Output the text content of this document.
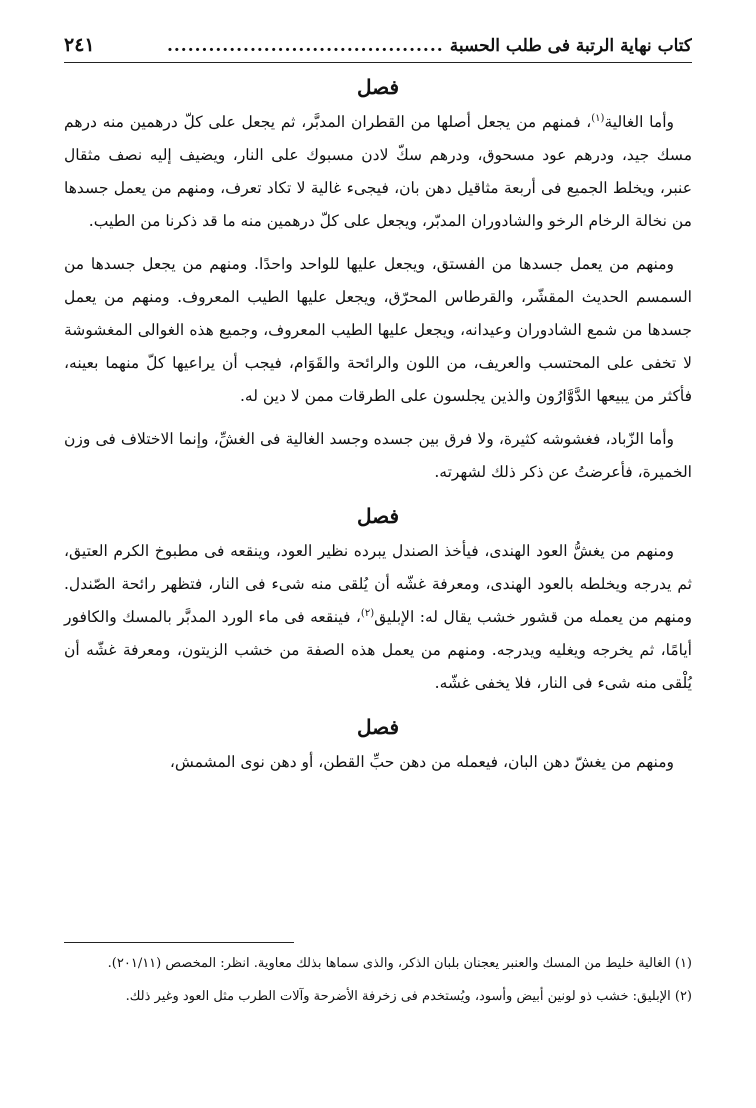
كتاب نهاية الرتبة فى طلب الحسبة
........................................
٢٤١
فصل

وأما الغالية$^{(١)}$، فمنهم من يجعل أصلها من القطران المدبَّر، ثم يجعل على كلّ درهمين منه درهم مسك جيد، ودرهم عود مسحوق، ودرهم سكّ لادن مسبوك على النار، ويضيف إليه نصف مثقال عنبر، ويخلط الجميع فى أربعة مثاقيل دهن بان، فيجىء غالية لا تكاد تعرف، ومنهم من يعمل جسدها من نخالة الرخام الرخو والشادوران المدبّر، ويجعل على كلّ درهمين منه ما قد ذكرنا من الطيب.

ومنهم من يعمل جسدها من الفستق، ويجعل عليها للواحد واحدًا. ومنهم من يجعل جسدها من السمسم الحديث المقشّر، والقرطاس المحرّق، ويجعل عليها الطيب المعروف. ومنهم من يعمل جسدها من شمع الشادوران وعيدانه، ويجعل عليها الطيب المعروف، وجميع هذه الغوالى المغشوشة لا تخفى على المحتسب والعريف، من اللون والرائحة والقَوَام، فيجب أن يراعيها كلّ منهما بعينه، فأكثر من يبيعها الدَّوَّارُون والذين يجلسون على الطرقات ممن لا دين له.

وأما الزّباد، فغشوشه كثيرة، ولا فرق بين جسده وجسد الغالية فى الغشِّ، وإنما الاختلاف فى وزن الخميرة، فأعرضتُ عن ذكر ذلك لشهرته.

فصل

ومنهم من يغشُّ العود الهندى، فيأخذ الصندل يبرده نظير العود، وينقعه فى مطبوخ الكرم العتيق، ثم يدرجه ويخلطه بالعود الهندى، ومعرفة غشّه أن يُلقى منه شىء فى النار، فتظهر رائحة الصّندل. ومنهم من يعمله من قشور خشب يقال له: الإبليق$^{(٢)}$، فينقعه فى ماء الورد المدبَّر بالمسك والكافور أيامًا، ثم يخرجه ويغليه ويدرجه. ومنهم من يعمل هذه الصفة من خشب الزيتون، ومعرفة غشّه أن يُلْقى منه شىء فى النار، فلا يخفى غشّه.

فصل

ومنهم من يغشّ دهن البان، فيعمله من دهن حبِّ القطن، أو دهن نوى المشمش،

(١) الغالية خليط من المسك والعنبر يعجنان بلبان الذكر، والذى سماها بذلك معاوية. انظر: المخصص (٢٠١/١١).

(٢) الإبليق: خشب ذو لونين أبيض وأسود، ويُستخدم فى زخرفة الأضرحة وآلات الطرب مثل العود وغير ذلك.
